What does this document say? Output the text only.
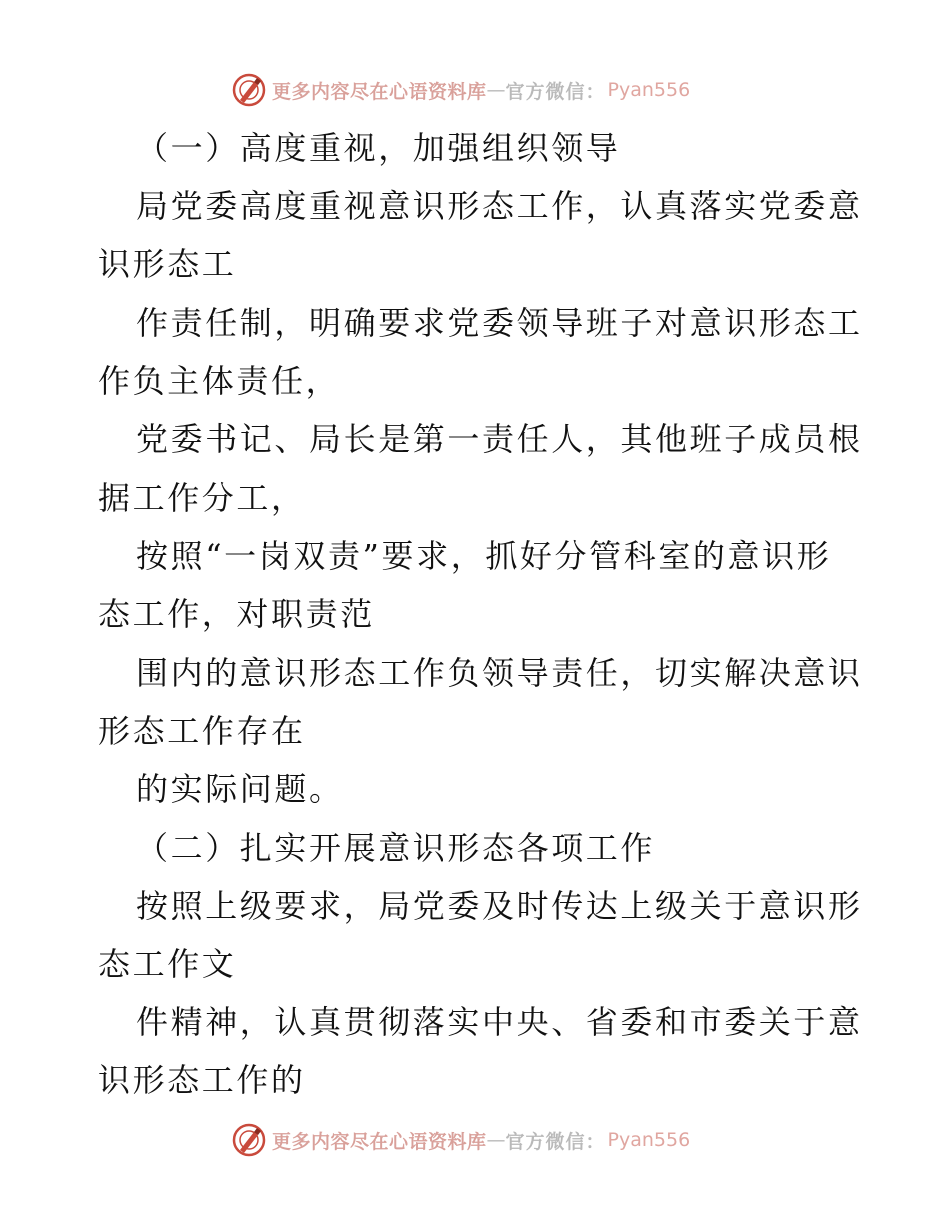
更多内容尽在心语资料库 — 官方微信： Pyan556
（一）高度重视，加强组织领导
局党委高度重视意识形态工作，认真落实党委意
识形态工
作责任制，明确要求党委领导班子对意识形态工
作负主体责任，
党委书记、局长是第一责任人，其他班子成员根
据工作分工，
按照“一岗双责”要求，抓好分管科室的意识形
态工作，对职责范
围内的意识形态工作负领导责任，切实解决意识
形态工作存在
的实际问题。
（二）扎实开展意识形态各项工作
按照上级要求，局党委及时传达上级关于意识形
态工作文
件精神，认真贯彻落实中央、省委和市委关于意
识形态工作的
更多内容尽在心语资料库 — 官方微信： Pyan556
